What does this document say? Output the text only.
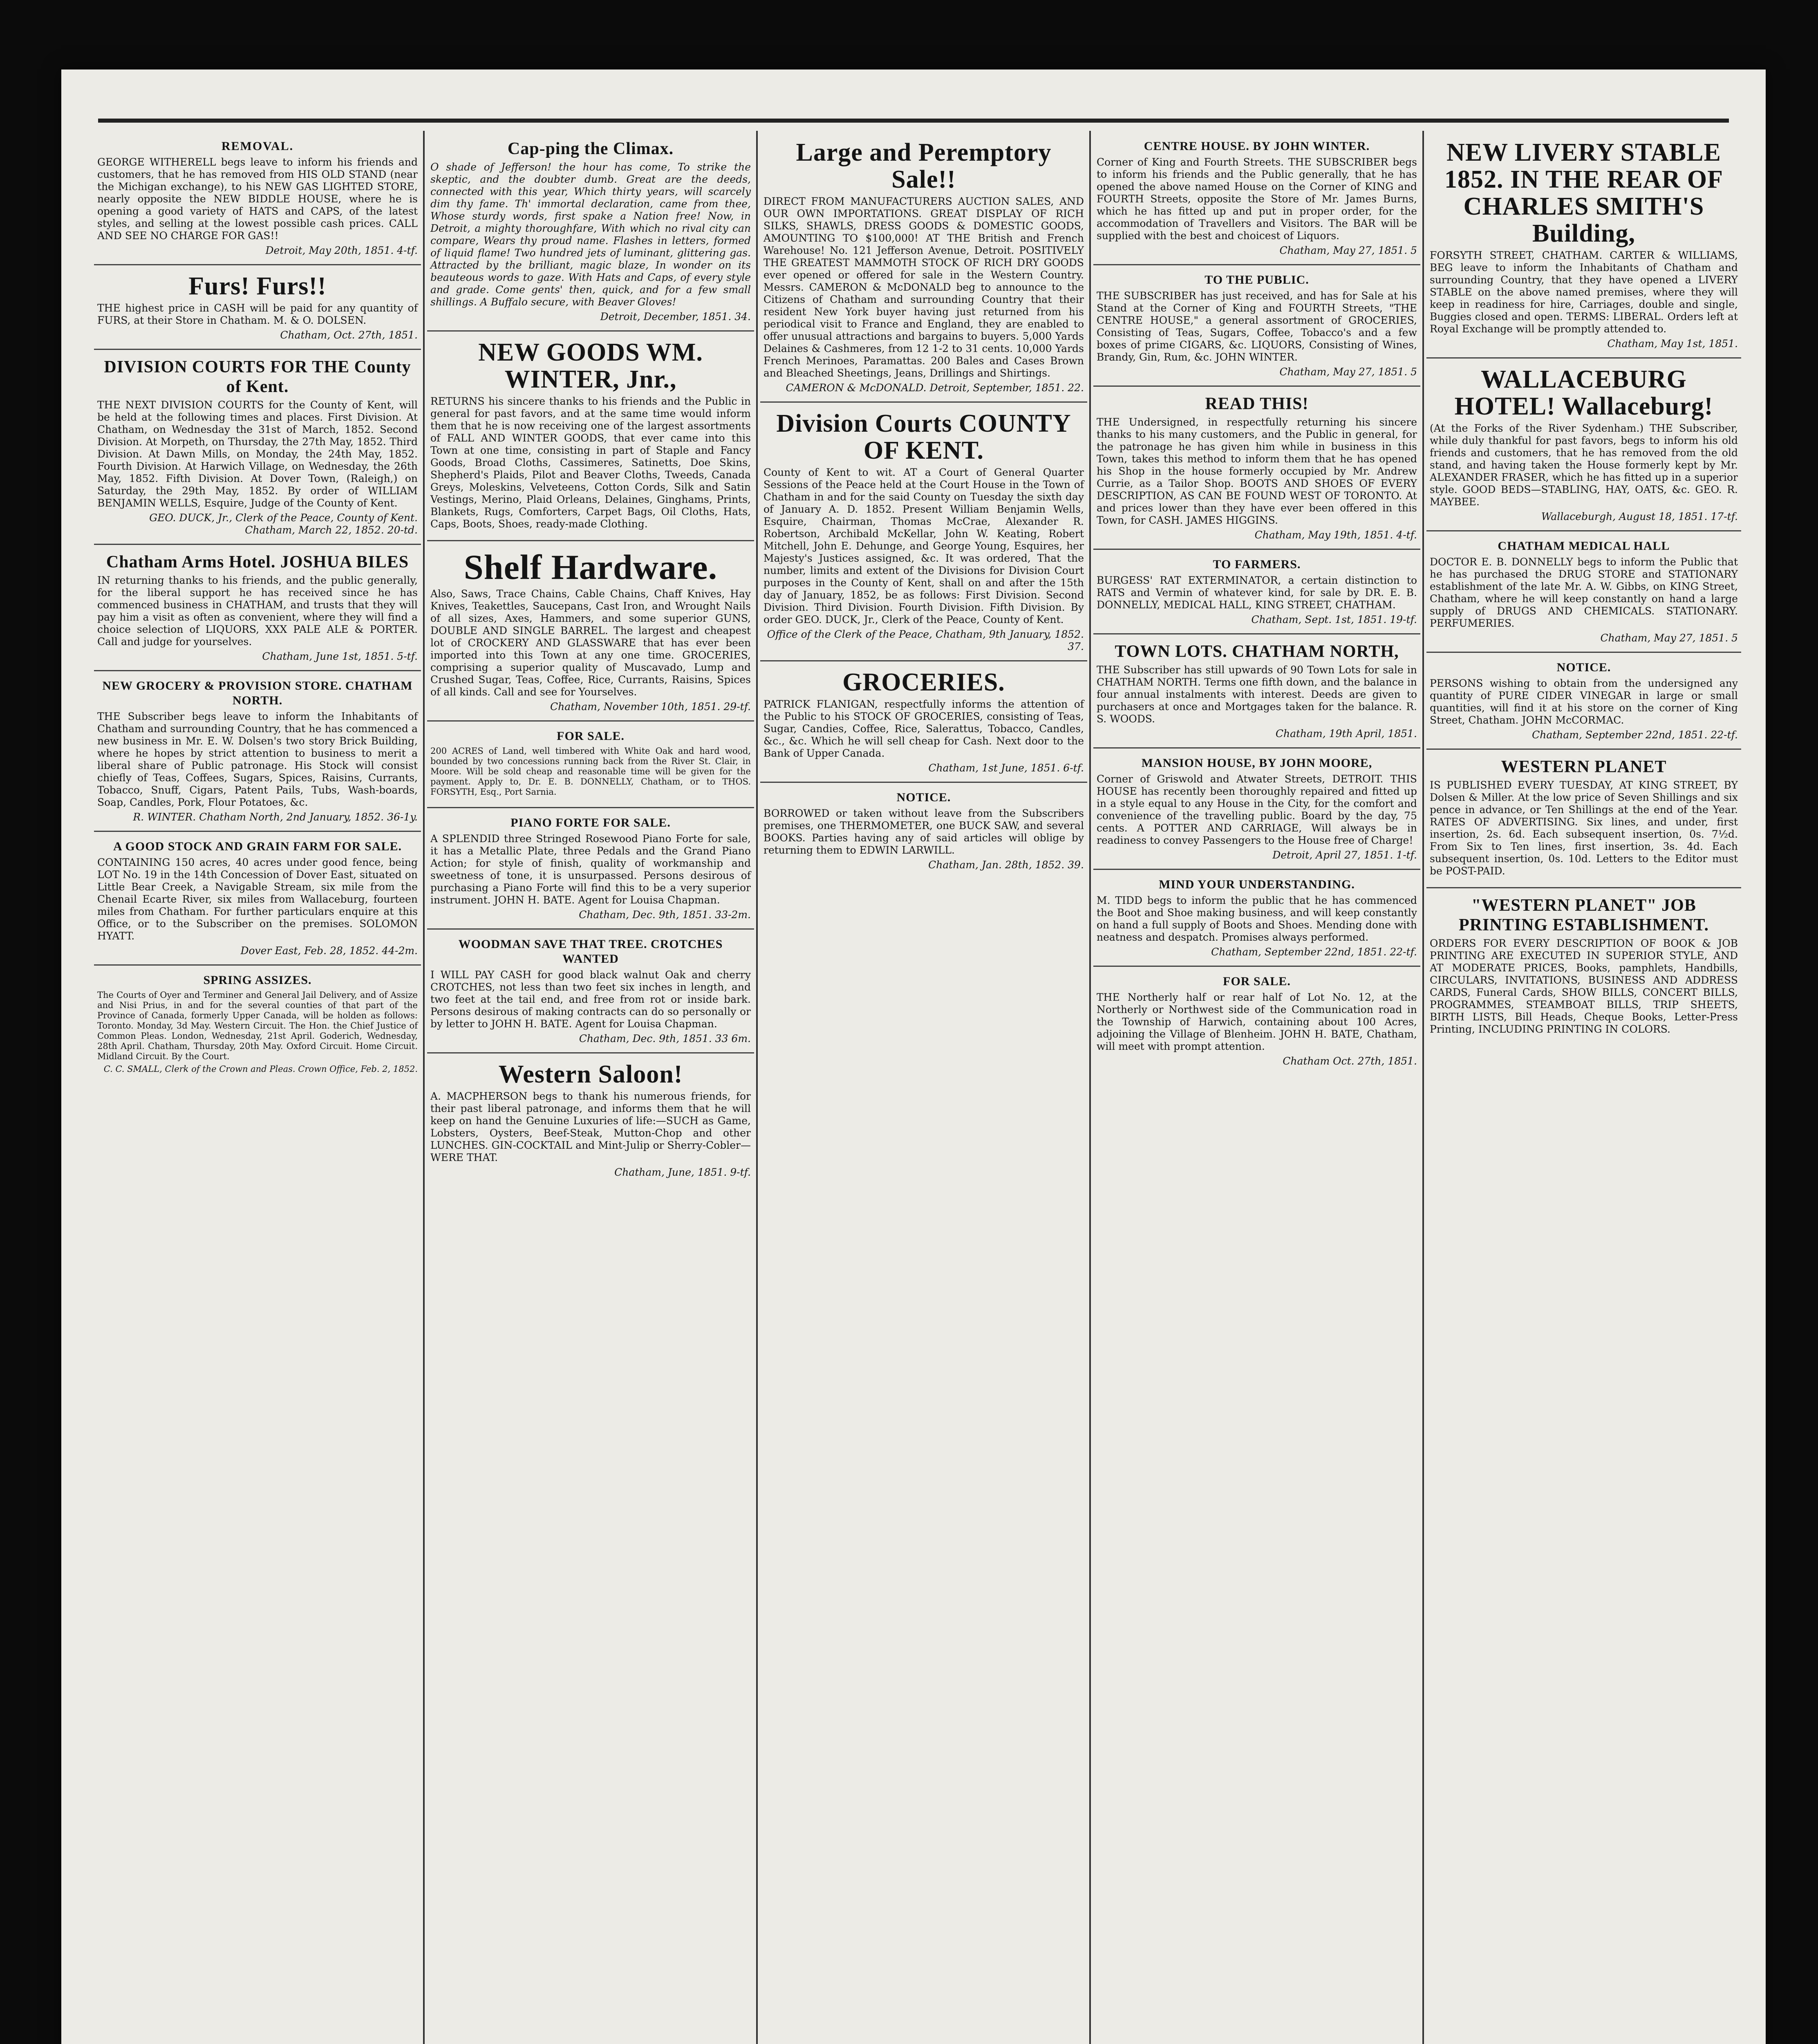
REMOVAL.
GEORGE WITHERELL begs leave to inform his friends and customers, that he has removed from HIS OLD STAND (near the Michigan exchange), to his NEW GAS LIGHTED STORE, nearly opposite the NEW BIDDLE HOUSE, where he is opening a good variety of HATS and CAPS, of the latest styles, and selling at the lowest possible cash prices. CALL AND SEE NO CHARGE FOR GAS!!
Detroit, May 20th, 1851. 4-tf.
Furs! Furs!!
THE highest price in CASH will be paid for any quantity of FURS, at their Store in Chatham. M. & O. DOLSEN.
Chatham, Oct. 27th, 1851.
DIVISION COURTS FOR THE County of Kent.
THE NEXT DIVISION COURTS for the County of Kent, will be held at the following times and places. First Division. At Chatham, on Wednesday the 31st of March, 1852. Second Division. At Morpeth, on Thursday, the 27th May, 1852. Third Division. At Dawn Mills, on Monday, the 24th May, 1852. Fourth Division. At Harwich Village, on Wednesday, the 26th May, 1852. Fifth Division. At Dover Town, (Raleigh,) on Saturday, the 29th May, 1852. By order of WILLIAM BENJAMIN WELLS, Esquire, Judge of the County of Kent.
GEO. DUCK, Jr., Clerk of the Peace, County of Kent. Chatham, March 22, 1852. 20-td.
Chatham Arms Hotel. JOSHUA BILES
IN returning thanks to his friends, and the public generally, for the liberal support he has received since he has commenced business in CHATHAM, and trusts that they will pay him a visit as often as convenient, where they will find a choice selection of LIQUORS, XXX PALE ALE & PORTER. Call and judge for yourselves.
Chatham, June 1st, 1851. 5-tf.
NEW GROCERY & PROVISION STORE. CHATHAM NORTH.
THE Subscriber begs leave to inform the Inhabitants of Chatham and surrounding Country, that he has commenced a new business in Mr. E. W. Dolsen's two story Brick Building, where he hopes by strict attention to business to merit a liberal share of Public patronage. His Stock will consist chiefly of Teas, Coffees, Sugars, Spices, Raisins, Currants, Tobacco, Snuff, Cigars, Patent Pails, Tubs, Wash-boards, Soap, Candles, Pork, Flour Potatoes, &c.
R. WINTER. Chatham North, 2nd January, 1852. 36-1y.
A GOOD STOCK AND GRAIN FARM FOR SALE.
CONTAINING 150 acres, 40 acres under good fence, being LOT No. 19 in the 14th Concession of Dover East, situated on Little Bear Creek, a Navigable Stream, six mile from the Chenail Ecarte River, six miles from Wallaceburg, fourteen miles from Chatham. For further particulars enquire at this Office, or to the Subscriber on the premises. SOLOMON HYATT.
Dover East, Feb. 28, 1852. 44-2m.
SPRING ASSIZES.
The Courts of Oyer and Terminer and General Jail Delivery, and of Assize and Nisi Prius, in and for the several counties of that part of the Province of Canada, formerly Upper Canada, will be holden as follows: Toronto. Monday, 3d May. Western Circuit. The Hon. the Chief Justice of Common Pleas. London, Wednesday, 21st April. Goderich, Wednesday, 28th April. Chatham, Thursday, 20th May. Oxford Circuit. Home Circuit. Midland Circuit. By the Court.
C. C. SMALL, Clerk of the Crown and Pleas. Crown Office, Feb. 2, 1852.
Cap-ping the Climax.
O shade of Jefferson! the hour has come, To strike the skeptic, and the doubter dumb. Great are the deeds, connected with this year, Which thirty years, will scarcely dim thy fame. Th' immortal declaration, came from thee, Whose sturdy words, first spake a Nation free! Now, in Detroit, a mighty thoroughfare, With which no rival city can compare, Wears thy proud name. Flashes in letters, formed of liquid flame! Two hundred jets of luminant, glittering gas. Attracted by the brilliant, magic blaze, In wonder on its beauteous words to gaze. With Hats and Caps, of every style and grade. Come gents' then, quick, and for a few small shillings. A Buffalo secure, with Beaver Gloves!
Detroit, December, 1851. 34.
NEW GOODS WM. WINTER, Jnr.,
RETURNS his sincere thanks to his friends and the Public in general for past favors, and at the same time would inform them that he is now receiving one of the largest assortments of FALL AND WINTER GOODS, that ever came into this Town at one time, consisting in part of Staple and Fancy Goods, Broad Cloths, Cassimeres, Satinetts, Doe Skins, Shepherd's Plaids, Pilot and Beaver Cloths, Tweeds, Canada Greys, Moleskins, Velveteens, Cotton Cords, Silk and Satin Vestings, Merino, Plaid Orleans, Delaines, Ginghams, Prints, Blankets, Rugs, Comforters, Carpet Bags, Oil Cloths, Hats, Caps, Boots, Shoes, ready-made Clothing.
Shelf Hardware.
Also, Saws, Trace Chains, Cable Chains, Chaff Knives, Hay Knives, Teakettles, Saucepans, Cast Iron, and Wrought Nails of all sizes, Axes, Hammers, and some superior GUNS, DOUBLE AND SINGLE BARREL. The largest and cheapest lot of CROCKERY AND GLASSWARE that has ever been imported into this Town at any one time. GROCERIES, comprising a superior quality of Muscavado, Lump and Crushed Sugar, Teas, Coffee, Rice, Currants, Raisins, Spices of all kinds. Call and see for Yourselves.
Chatham, November 10th, 1851. 29-tf.
FOR SALE.
200 ACRES of Land, well timbered with White Oak and hard wood, bounded by two concessions running back from the River St. Clair, in Moore. Will be sold cheap and reasonable time will be given for the payment. Apply to, Dr. E. B. DONNELLY, Chatham, or to THOS. FORSYTH, Esq., Port Sarnia.
PIANO FORTE FOR SALE.
A SPLENDID three Stringed Rosewood Piano Forte for sale, it has a Metallic Plate, three Pedals and the Grand Piano Action; for style of finish, quality of workmanship and sweetness of tone, it is unsurpassed. Persons desirous of purchasing a Piano Forte will find this to be a very superior instrument. JOHN H. BATE. Agent for Louisa Chapman.
Chatham, Dec. 9th, 1851. 33-2m.
WOODMAN SAVE THAT TREE. CROTCHES WANTED
I WILL PAY CASH for good black walnut Oak and cherry CROTCHES, not less than two feet six inches in length, and two feet at the tail end, and free from rot or inside bark. Persons desirous of making contracts can do so personally or by letter to JOHN H. BATE. Agent for Louisa Chapman.
Chatham, Dec. 9th, 1851. 33 6m.
Western Saloon!
A. MACPHERSON begs to thank his numerous friends, for their past liberal patronage, and informs them that he will keep on hand the Genuine Luxuries of life:—SUCH as Game, Lobsters, Oysters, Beef-Steak, Mutton-Chop and other LUNCHES. GIN-COCKTAIL and Mint-Julip or Sherry-Cobler—WERE THAT.
Chatham, June, 1851. 9-tf.
Large and Peremptory Sale!!
DIRECT FROM MANUFACTURERS AUCTION SALES, AND OUR OWN IMPORTATIONS. GREAT DISPLAY OF RICH SILKS, SHAWLS, DRESS GOODS & DOMESTIC GOODS, AMOUNTING TO $100,000! AT THE British and French Warehouse! No. 121 Jefferson Avenue, Detroit. POSITIVELY THE GREATEST MAMMOTH STOCK OF RICH DRY GOODS ever opened or offered for sale in the Western Country. Messrs. CAMERON & McDONALD beg to announce to the Citizens of Chatham and surrounding Country that their resident New York buyer having just returned from his periodical visit to France and England, they are enabled to offer unusual attractions and bargains to buyers. 5,000 Yards Delaines & Cashmeres, from 12 1-2 to 31 cents. 10,000 Yards French Merinoes, Paramattas. 200 Bales and Cases Brown and Bleached Sheetings, Jeans, Drillings and Shirtings.
CAMERON & McDONALD. Detroit, September, 1851. 22.
Division Courts COUNTY OF KENT.
County of Kent to wit. AT a Court of General Quarter Sessions of the Peace held at the Court House in the Town of Chatham in and for the said County on Tuesday the sixth day of January A. D. 1852. Present William Benjamin Wells, Esquire, Chairman, Thomas McCrae, Alexander R. Robertson, Archibald McKellar, John W. Keating, Robert Mitchell, John E. Dehunge, and George Young, Esquires, her Majesty's Justices assigned, &c. It was ordered, That the number, limits and extent of the Divisions for Division Court purposes in the County of Kent, shall on and after the 15th day of January, 1852, be as follows: First Division. Second Division. Third Division. Fourth Division. Fifth Division. By order GEO. DUCK, Jr., Clerk of the Peace, County of Kent.
Office of the Clerk of the Peace, Chatham, 9th January, 1852. 37.
GROCERIES.
PATRICK FLANIGAN, respectfully informs the attention of the Public to his STOCK OF GROCERIES, consisting of Teas, Sugar, Candies, Coffee, Rice, Salerattus, Tobacco, Candles, &c., &c. Which he will sell cheap for Cash. Next door to the Bank of Upper Canada.
Chatham, 1st June, 1851. 6-tf.
NOTICE.
BORROWED or taken without leave from the Subscribers premises, one THERMOMETER, one BUCK SAW, and several BOOKS. Parties having any of said articles will oblige by returning them to EDWIN LARWILL.
Chatham, Jan. 28th, 1852. 39.
CENTRE HOUSE. BY JOHN WINTER.
Corner of King and Fourth Streets. THE SUBSCRIBER begs to inform his friends and the Public generally, that he has opened the above named House on the Corner of KING and FOURTH Streets, opposite the Store of Mr. James Burns, which he has fitted up and put in proper order, for the accommodation of Travellers and Visitors. The BAR will be supplied with the best and choicest of Liquors.
Chatham, May 27, 1851. 5
TO THE PUBLIC.
THE SUBSCRIBER has just received, and has for Sale at his Stand at the Corner of King and FOURTH Streets, "THE CENTRE HOUSE," a general assortment of GROCERIES, Consisting of Teas, Sugars, Coffee, Tobacco's and a few boxes of prime CIGARS, &c. LIQUORS, Consisting of Wines, Brandy, Gin, Rum, &c. JOHN WINTER.
Chatham, May 27, 1851. 5
READ THIS!
THE Undersigned, in respectfully returning his sincere thanks to his many customers, and the Public in general, for the patronage he has given him while in business in this Town, takes this method to inform them that he has opened his Shop in the house formerly occupied by Mr. Andrew Currie, as a Tailor Shop. BOOTS AND SHOES OF EVERY DESCRIPTION, AS CAN BE FOUND WEST OF TORONTO. At and prices lower than they have ever been offered in this Town, for CASH. JAMES HIGGINS.
Chatham, May 19th, 1851. 4-tf.
TO FARMERS.
BURGESS' RAT EXTERMINATOR, a certain distinction to RATS and Vermin of whatever kind, for sale by DR. E. B. DONNELLY, MEDICAL HALL, KING STREET, CHATHAM.
Chatham, Sept. 1st, 1851. 19-tf.
TOWN LOTS. CHATHAM NORTH,
THE Subscriber has still upwards of 90 Town Lots for sale in CHATHAM NORTH. Terms one fifth down, and the balance in four annual instalments with interest. Deeds are given to purchasers at once and Mortgages taken for the balance. R. S. WOODS.
Chatham, 19th April, 1851.
MANSION HOUSE, BY JOHN MOORE,
Corner of Griswold and Atwater Streets, DETROIT. THIS HOUSE has recently been thoroughly repaired and fitted up in a style equal to any House in the City, for the comfort and convenience of the travelling public. Board by the day, 75 cents. A POTTER AND CARRIAGE, Will always be in readiness to convey Passengers to the House free of Charge!
Detroit, April 27, 1851. 1-tf.
MIND YOUR UNDERSTANDING.
M. TIDD begs to inform the public that he has commenced the Boot and Shoe making business, and will keep constantly on hand a full supply of Boots and Shoes. Mending done with neatness and despatch. Promises always performed.
Chatham, September 22nd, 1851. 22-tf.
FOR SALE.
THE Northerly half or rear half of Lot No. 12, at the Northerly or Northwest side of the Communication road in the Township of Harwich, containing about 100 Acres, adjoining the Village of Blenheim. JOHN H. BATE, Chatham, will meet with prompt attention.
Chatham Oct. 27th, 1851.
NEW LIVERY STABLE 1852. IN THE REAR OF CHARLES SMITH'S Building,
FORSYTH STREET, CHATHAM. CARTER & WILLIAMS, BEG leave to inform the Inhabitants of Chatham and surrounding Country, that they have opened a LIVERY STABLE on the above named premises, where they will keep in readiness for hire, Carriages, double and single, Buggies closed and open. TERMS: LIBERAL. Orders left at Royal Exchange will be promptly attended to.
Chatham, May 1st, 1851.
WALLACEBURG HOTEL! Wallaceburg!
(At the Forks of the River Sydenham.) THE Subscriber, while duly thankful for past favors, begs to inform his old friends and customers, that he has removed from the old stand, and having taken the House formerly kept by Mr. ALEXANDER FRASER, which he has fitted up in a superior style. GOOD BEDS—STABLING, HAY, OATS, &c. GEO. R. MAYBEE.
Wallaceburgh, August 18, 1851. 17-tf.
CHATHAM MEDICAL HALL
DOCTOR E. B. DONNELLY begs to inform the Public that he has purchased the DRUG STORE and STATIONARY establishment of the late Mr. A. W. Gibbs, on KING Street, Chatham, where he will keep constantly on hand a large supply of DRUGS AND CHEMICALS. STATIONARY. PERFUMERIES.
Chatham, May 27, 1851. 5
NOTICE.
PERSONS wishing to obtain from the undersigned any quantity of PURE CIDER VINEGAR in large or small quantities, will find it at his store on the corner of King Street, Chatham. JOHN McCORMAC.
Chatham, September 22nd, 1851. 22-tf.
WESTERN PLANET
IS PUBLISHED EVERY TUESDAY, AT KING STREET, BY Dolsen & Miller. At the low price of Seven Shillings and six pence in advance, or Ten Shillings at the end of the Year. RATES OF ADVERTISING. Six lines, and under, first insertion, 2s. 6d. Each subsequent insertion, 0s. 7½d. From Six to Ten lines, first insertion, 3s. 4d. Each subsequent insertion, 0s. 10d. Letters to the Editor must be POST-PAID.
"WESTERN PLANET" JOB PRINTING ESTABLISHMENT.
ORDERS FOR EVERY DESCRIPTION OF BOOK & JOB PRINTING ARE EXECUTED IN SUPERIOR STYLE, AND AT MODERATE PRICES, Books, pamphlets, Handbills, CIRCULARS, INVITATIONS, BUSINESS AND ADDRESS CARDS, Funeral Cards, SHOW BILLS, CONCERT BILLS, PROGRAMMES, STEAMBOAT BILLS, TRIP SHEETS, BIRTH LISTS, Bill Heads, Cheque Books, Letter-Press Printing, INCLUDING PRINTING IN COLORS.
